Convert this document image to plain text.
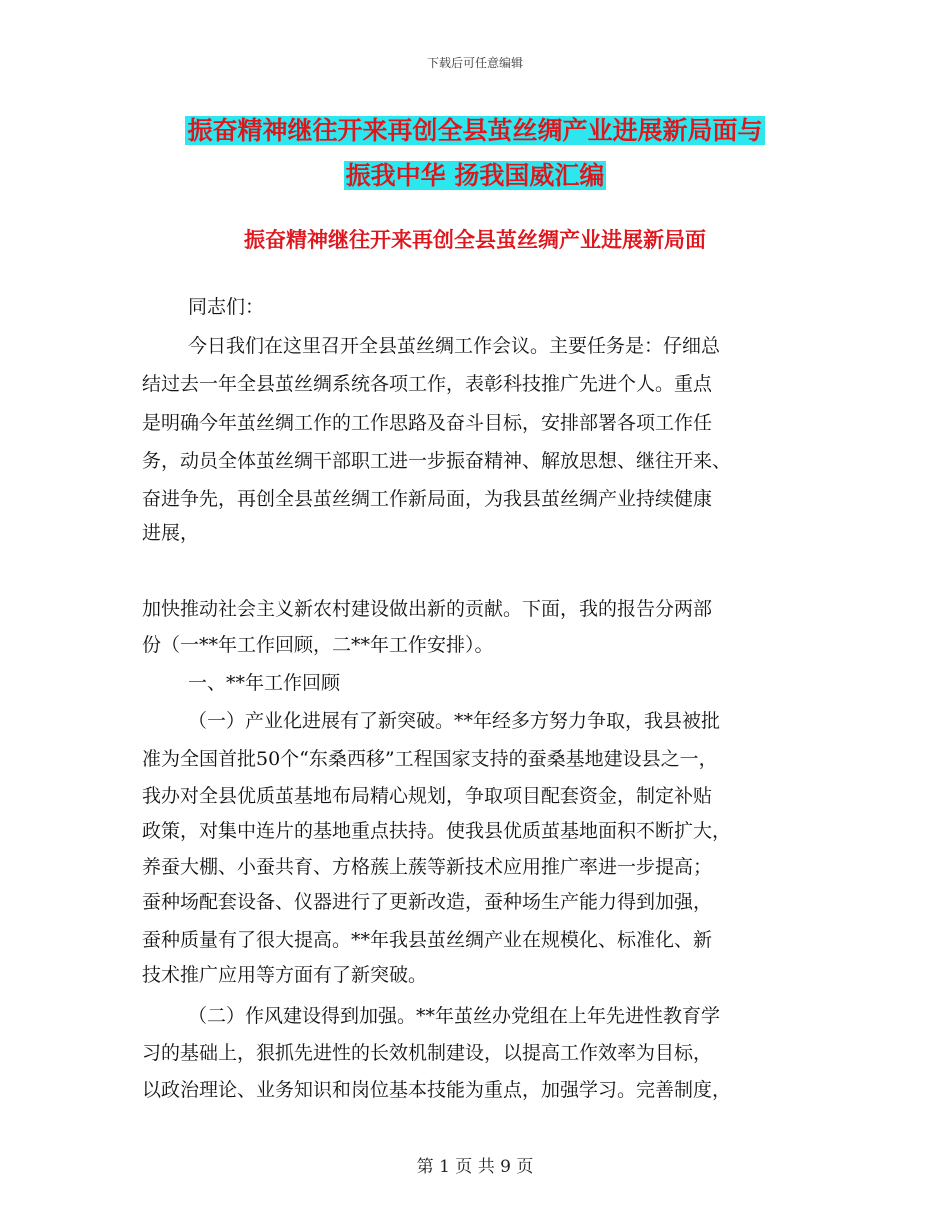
下载后可任意编辑
振奋精神继往开来再创全县茧丝绸产业进展新局面与
振我中华 扬我国威汇编
振奋精神继往开来再创全县茧丝绸产业进展新局面
同志们：
今日我们在这里召开全县茧丝绸工作会议。主要任务是：仔细总
结过去一年全县茧丝绸系统各项工作，表彰科技推广先进个人。重点
是明确今年茧丝绸工作的工作思路及奋斗目标，安排部署各项工作任
务，动员全体茧丝绸干部职工进一步振奋精神、解放思想、继往开来、
奋进争先，再创全县茧丝绸工作新局面，为我县茧丝绸产业持续健康
进展，
加快推动社会主义新农村建设做出新的贡献。下面，我的报告分两部
份（一**年工作回顾，二**年工作安排）。
一、**年工作回顾
（一）产业化进展有了新突破。**年经多方努力争取，我县被批
准为全国首批50个“东桑西移”工程国家支持的蚕桑基地建设县之一，
我办对全县优质茧基地布局精心规划，争取项目配套资金，制定补贴
政策，对集中连片的基地重点扶持。使我县优质茧基地面积不断扩大，
养蚕大棚、小蚕共育、方格蔟上蔟等新技术应用推广率进一步提高；
蚕种场配套设备、仪器进行了更新改造，蚕种场生产能力得到加强，
蚕种质量有了很大提高。**年我县茧丝绸产业在规模化、标准化、新
技术推广应用等方面有了新突破。
（二）作风建设得到加强。**年茧丝办党组在上年先进性教育学
习的基础上，狠抓先进性的长效机制建设，以提高工作效率为目标，
以政治理论、业务知识和岗位基本技能为重点，加强学习。完善制度，
第 1 页 共 9 页
